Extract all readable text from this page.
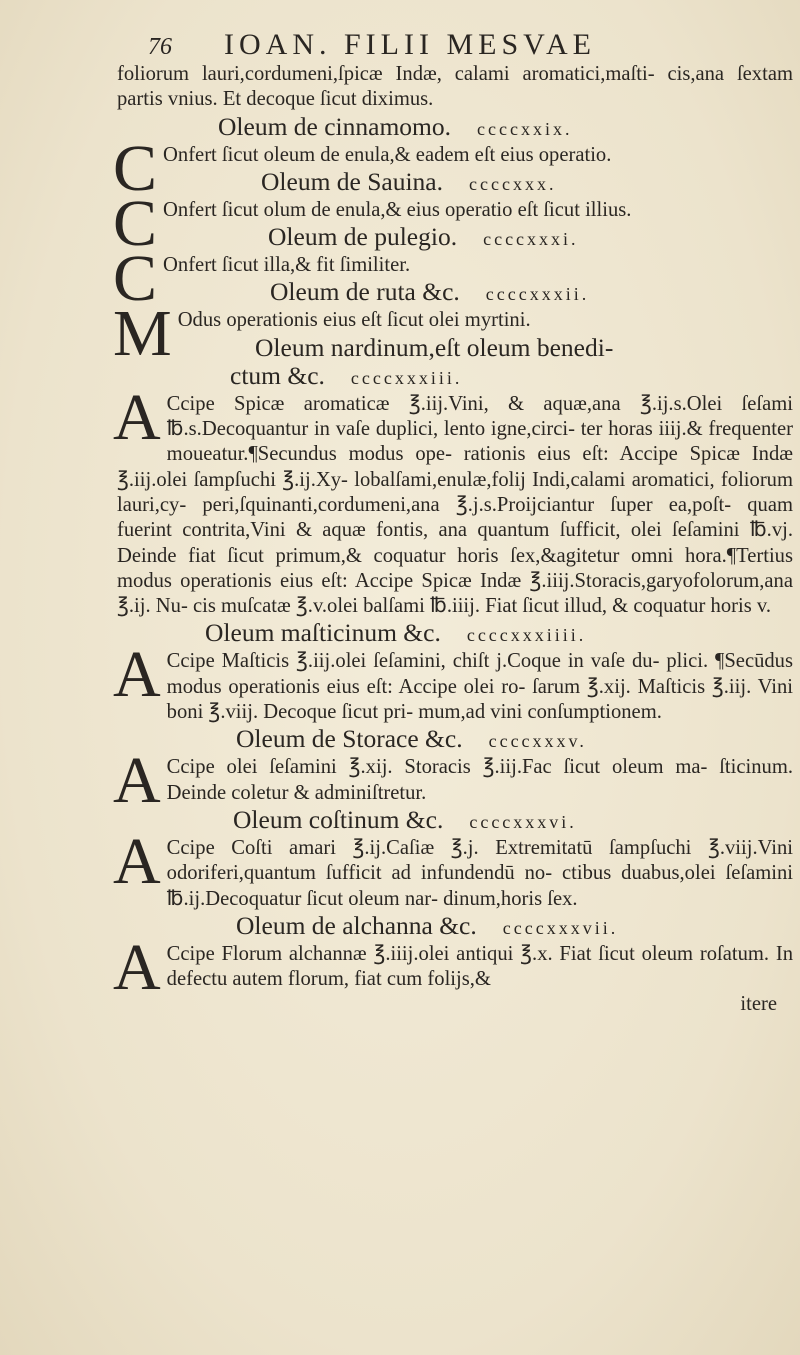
76 IOAN. FILII MESVAE

foliorum lauri,cordumeni,ſpicæ Indæ, calami aromatici,maſti‑ cis,ana ſextam partis vnius. Et decoque ſicut diximus.

Oleum de cinnamomo. ccccxxix.

C Onfert ſicut oleum de enula,& eadem eſt eius operatio.

Oleum de Sauina. ccccxxx.

C Onfert ſicut olum de enula,& eius operatio eſt ſicut illius.

Oleum de pulegio. ccccxxxi.

C Onfert ſicut illa,& fit ſimiliter.

Oleum de ruta &c. ccccxxxii.

M Odus operationis eius eſt ſicut olei myrtini.

Oleum nardinum,eſt oleum benedi‑

ctum &c. ccccxxxiii.

A Ccipe Spicæ aromaticæ ℥.iij.Vini, & aquæ,ana ℥.ij.s.Olei ſeſami ℔.s.Decoquantur in vaſe duplici, lento igne,circi‑ ter horas iiij.& frequenter moueatur.¶Secundus modus ope‑ rationis eius eſt: Accipe Spicæ Indæ ℥.iij.olei ſampſuchi ℥.ij.Xy‑ lobalſami,enulæ,folij Indi,calami aromatici, foliorum lauri,cy‑ peri,ſquinanti,cordumeni,ana ℥.j.s.Proijciantur ſuper ea,poſt‑ quam fuerint contrita,Vini & aquæ fontis, ana quantum ſufficit, olei ſeſamini ℔.vj. Deinde fiat ſicut primum,& coquatur horis ſex,&agitetur omni hora.¶Tertius modus operationis eius eſt: Accipe Spicæ Indæ ℥.iiij.Storacis,garyofolorum,ana ℥.ij. Nu‑ cis muſcatæ ℥.v.olei balſami ℔.iiij. Fiat ſicut illud, & coquatur horis v.

Oleum maſticinum &c. ccccxxxiiii.

A Ccipe Maſticis ℥.iij.olei ſeſamini, chiſt j.Coque in vaſe du‑ plici. ¶Secūdus modus operationis eius eſt: Accipe olei ro‑ ſarum ℥.xij. Maſticis ℥.iij. Vini boni ℥.viij. Decoque ſicut pri‑ mum,ad vini conſumptionem.

Oleum de Storace &c. ccccxxxv.

A Ccipe olei ſeſamini ℥.xij. Storacis ℥.iij.Fac ſicut oleum ma‑ ſticinum. Deinde coletur & adminiſtretur.

Oleum coſtinum &c. ccccxxxvi.

A Ccipe Coſti amari ℥.ij.Caſiæ ℥.j. Extremitatū ſampſuchi ℥.viij.Vini odoriferi,quantum ſufficit ad infundendū no‑ ctibus duabus,olei ſeſamini ℔.ij.Decoquatur ſicut oleum nar‑ dinum,horis ſex.

Oleum de alchanna &c. ccccxxxvii.

A Ccipe Florum alchannæ ℥.iiij.olei antiqui ℥.x. Fiat ſicut oleum roſatum. In defectu autem florum, fiat cum folijs,&

itere
